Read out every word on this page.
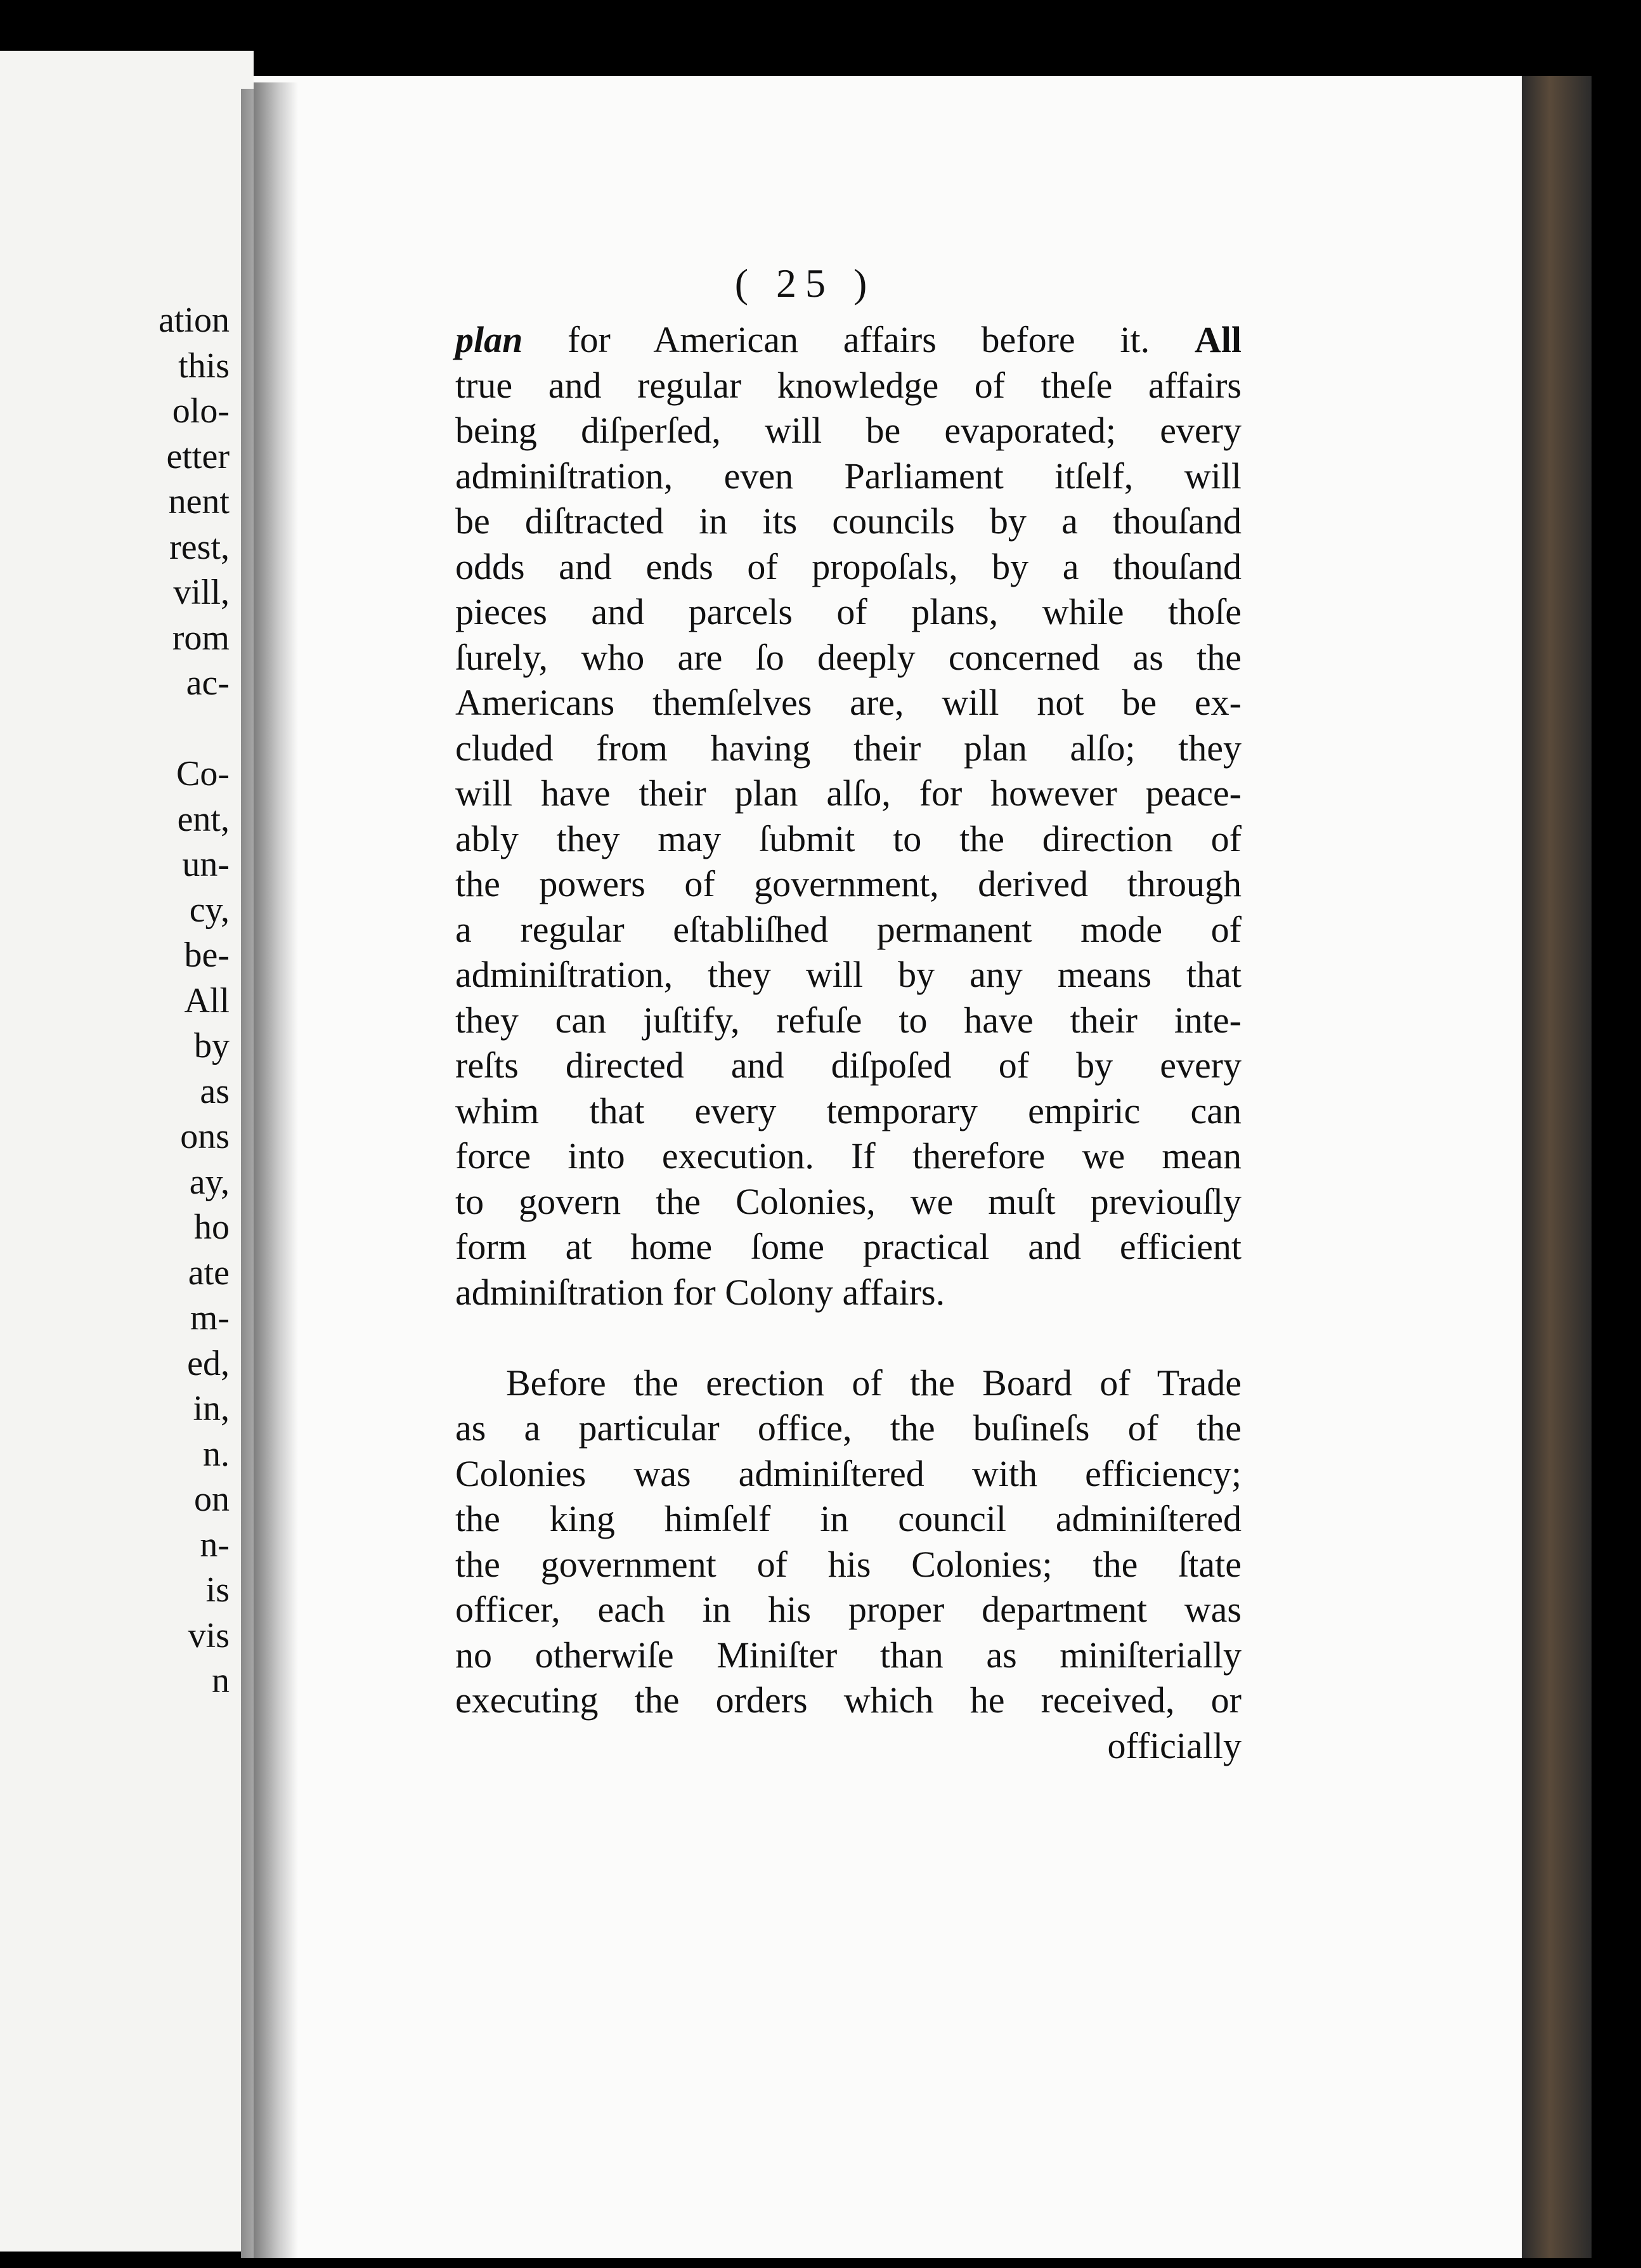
ation
this
olo-
etter
nent
rest,
vill,
rom
ac-
Co-
ent,
un-
cy,
be-
All
by
as
ons
ay,
ho
ate
m-
ed,
in,
n.
on
n-
is
vis
n
( 25 )
plan for American affairs before it. All
true and regular knowledge of theſe affairs
being diſperſed, will be evaporated; every
adminiſtration, even Parliament itſelf, will
be diſtracted in its councils by a thouſand
odds and ends of propoſals, by a thouſand
pieces and parcels of plans, while thoſe
ſurely, who are ſo deeply concerned as the
Americans themſelves are, will not be ex-
cluded from having their plan alſo; they
will have their plan alſo, for however peace-
ably they may ſubmit to the direction of
the powers of government, derived through
a regular eſtabliſhed permanent mode of
adminiſtration, they will by any means that
they can juſtify, refuſe to have their inte-
reſts directed and diſpoſed of by every
whim that every temporary empiric can
force into execution. If therefore we mean
to govern the Colonies, we muſt previouſly
form at home ſome practical and efficient
adminiſtration for Colony affairs.
Before the erection of the Board of Trade
as a particular office, the buſineſs of the
Colonies was adminiſtered with efficiency;
the king himſelf in council adminiſtered
the government of his Colonies; the ſtate
officer, each in his proper department was
no otherwiſe Miniſter than as miniſterially
executing the orders which he received, or
officially
